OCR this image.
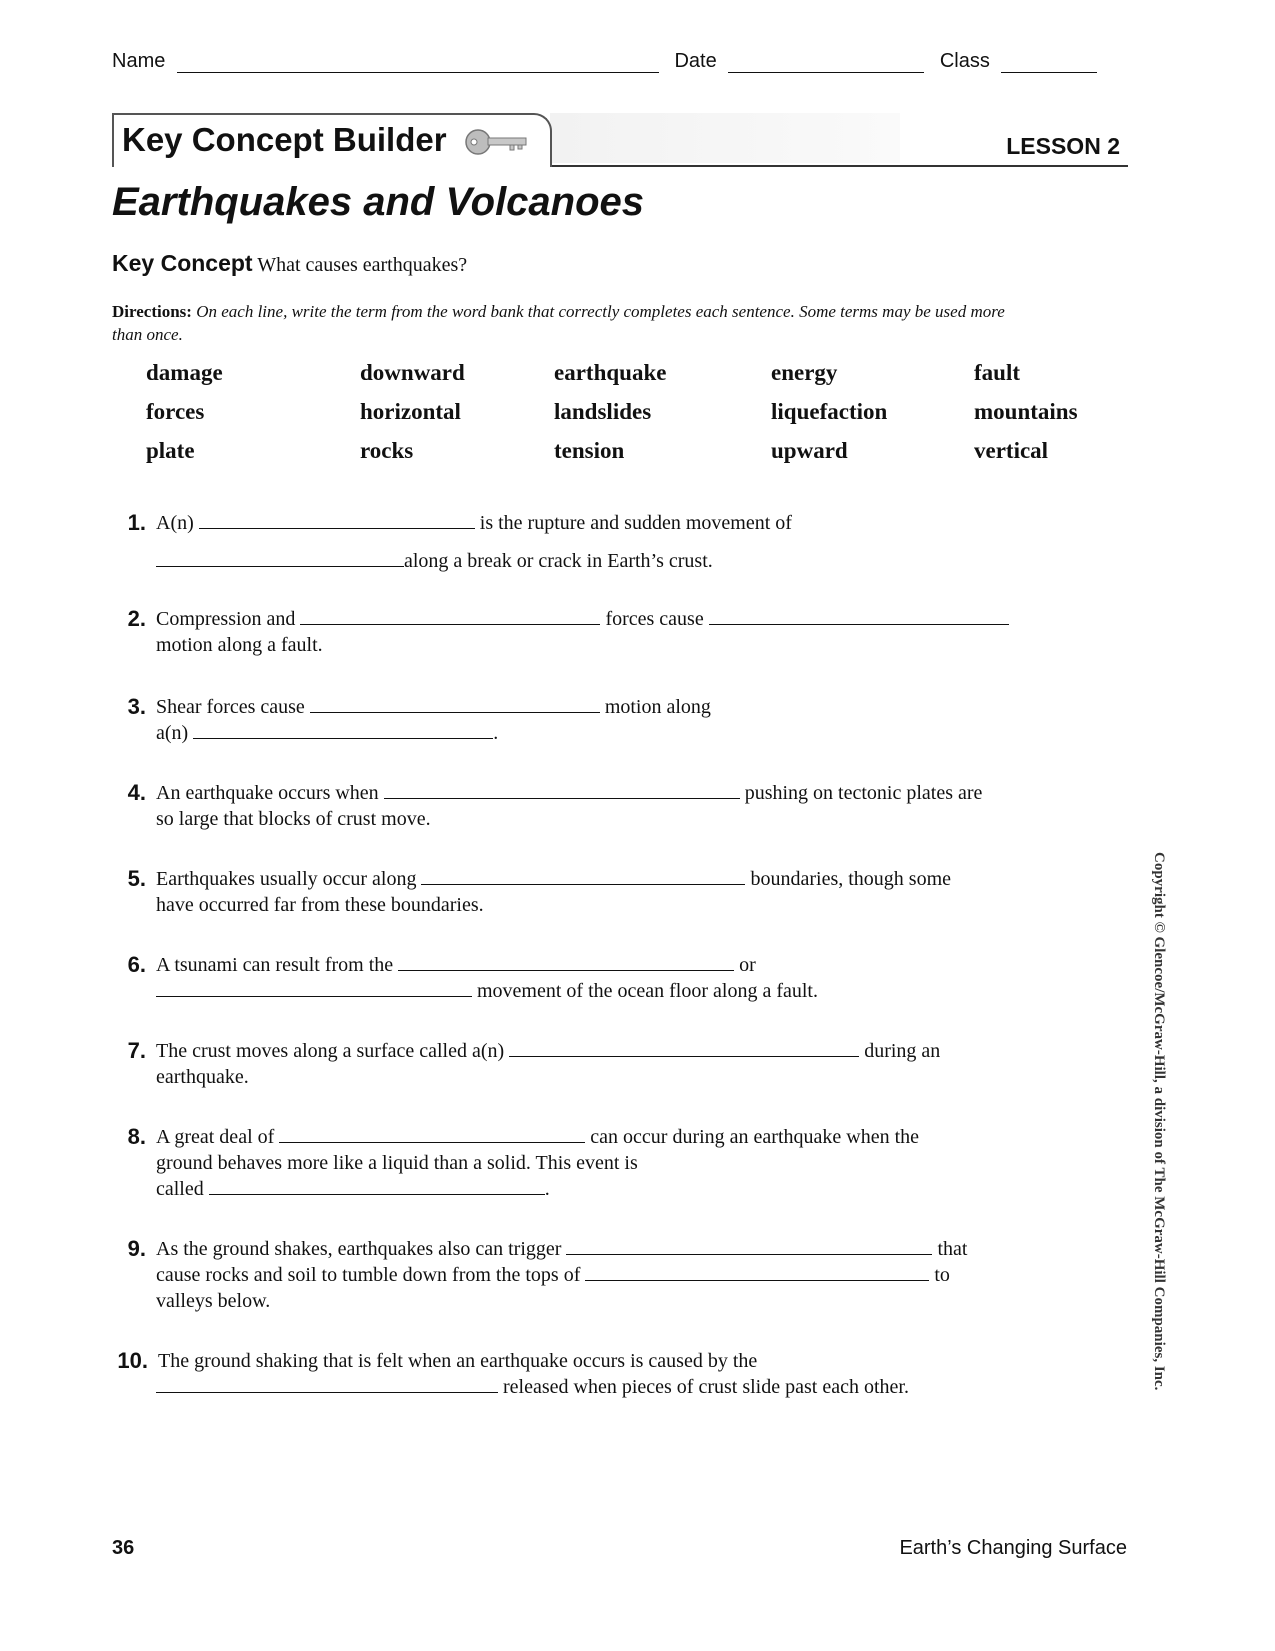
Name	Date	Class
Key Concept Builder	LESSON 2
Earthquakes and Volcanoes
Key Concept What causes earthquakes?
Directions: On each line, write the term from the word bank that correctly completes each sentence. Some terms may be used more than once.
damage	downward	earthquake	energy	fault
forces	horizontal	landslides	liquefaction	mountains
plate	rocks	tension	upward	vertical
1. A(n)	is the rupture and sudden movement of
along a break or crack in Earth’s crust.
2. Compression and	forces cause
motion along a fault.
3. Shear forces cause	motion along
a(n)	.
4. An earthquake occurs when	pushing on tectonic plates are
so large that blocks of crust move.
5. Earthquakes usually occur along	boundaries, though some
have occurred far from these boundaries.
6. A tsunami can result from the	or
movement of the ocean floor along a fault.
7. The crust moves along a surface called a(n)	during an
earthquake.
8. A great deal of	can occur during an earthquake when the
ground behaves more like a liquid than a solid. This event is
called	.
9. As the ground shakes, earthquakes also can trigger	that
cause rocks and soil to tumble down from the tops of	to
valleys below.
10. The ground shaking that is felt when an earthquake occurs is caused by the
released when pieces of crust slide past each other.	Copyright © Glencoe/McGraw-Hill, a division of The McGraw-Hill Companies, Inc.
36	Earth’s Changing Surface
